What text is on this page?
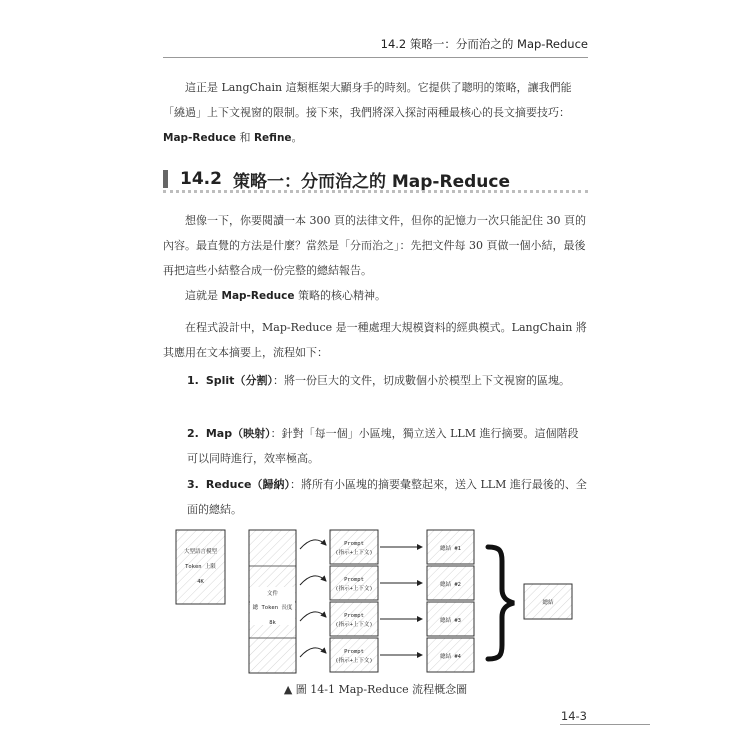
14.2 策略一：分而治之的 Map-Reduce

這正是 LangChain 這類框架大顯身手的時刻。它提供了聰明的策略，讓我們能「繞過」上下文視窗的限制。接下來，我們將深入探討兩種最核心的長文摘要技巧：Map-Reduce 和 Refine。

14.2 策略一：分而治之的 Map-Reduce

想像一下，你要閱讀一本 300 頁的法律文件，但你的記憶力一次只能記住 30 頁的內容。最直覺的方法是什麼？當然是「分而治之」：先把文件每 30 頁做一個小結，最後再把這些小結整合成一份完整的總結報告。

這就是 Map-Reduce 策略的核心精神。

在程式設計中，Map-Reduce 是一種處理大規模資料的經典模式。LangChain 將其應用在文本摘要上，流程如下：

1. Split（分割）：將一份巨大的文件，切成數個小於模型上下文視窗的區塊。
2. Map（映射）：針對「每一個」小區塊，獨立送入 LLM 進行摘要。這個階段可以同時進行，效率極高。
3. Reduce（歸納）：將所有小區塊的摘要彙整起來，送入 LLM 進行最後的、全面的總結。
大型語言模型
Token 上限
4K
文件
總 Token 長度
8k
Prompt
(指示+上下文)
Prompt
(指示+上下文)
Prompt
(指示+上下文)
Prompt
(指示+上下文)
總結 #1
總結 #2
總結 #3
總結 #4
總結
▲ 圖 14-1 Map-Reduce 流程概念圖
14-3
